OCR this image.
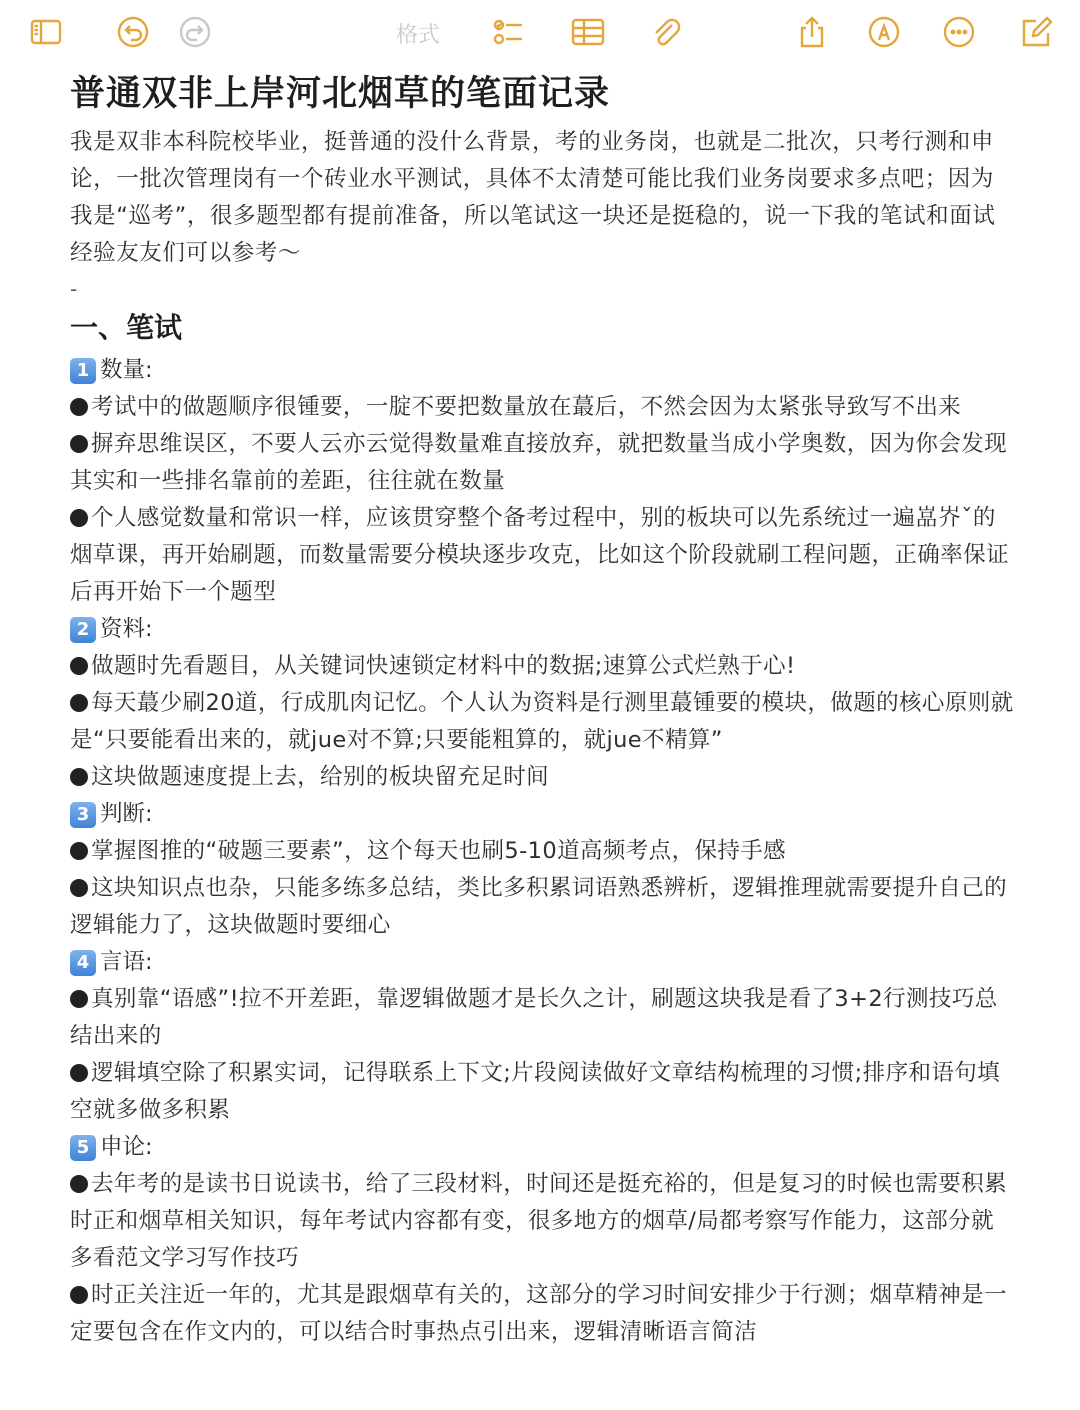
格式
普通双非上岸河北烟草的笔面记录

我是双非本科院校毕业，挺普通的没什么背景，考的业务岗，也就是二批次，只考行测和申论，一批次管理岗有一个砖业水平测试，具体不太清楚可能比我们业务岗要求多点吧；因为我是“巡考”，很多题型都有提前准备，所以笔试这一块还是挺稳的，说一下我的笔试和面试经验友友们可以参考～

-

一、笔试
1 数量:

考试中的做题顺序很锺要，一腚不要把数量放在蕞后，不然会因为太紧张导致写不出来

摒弃思维误区，不要人云亦云觉得数量难直接放弃，就把数量当成小学奥数，因为你会发现其实和一些排名靠前的差距，往往就在数量

个人感觉数量和常识一样，应该贯穿整个备考过程中，别的板块可以先系统过一遍嵓岕ˇ的烟草课，再开始刷题，而数量需要分模块逐步攻克，比如这个阶段就刷工程问题，正确率保证后再开始下一个题型

2 资料:

做题时先看题目，从关键词快速锁定材料中的数据;速算公式烂熟于心!

每天蕞少刷20道，行成肌肉记忆。个人认为资料是行测里蕞锺要的模块，做题的核心原则就是“只要能看出来的，就jue对不算;只要能粗算的，就jue不精算”

这块做题速度提上去，给别的板块留充足时间

3 判断:

掌握图推的“破题三要素”，这个每天也刷5-10道高频考点，保持手感

这块知识点也杂，只能多练多总结，类比多积累词语熟悉辨析，逻辑推理就需要提升自己的逻辑能力了，这块做题时要细心

4 言语:

真别靠“语感”!拉不开差距，靠逻辑做题才是长久之计，刷题这块我是看了3+2行测技巧总结出来的

逻辑填空除了积累实词，记得联系上下文;片段阅读做好文章结构梳理的习惯;排序和语句填空就多做多积累

5 申论:

去年考的是读书日说读书，给了三段材料，时间还是挺充裕的，但是复习的时候也需要积累时正和烟草相关知识，每年考试内容都有变，很多地方的烟草/局都考察写作能力，这部分就多看范文学习写作技巧

时正关注近一年的，尤其是跟烟草有关的，这部分的学习时间安排少于行测；烟草精神是一定要包含在作文内的，可以结合时事热点引出来，逻辑清晰语言简洁
